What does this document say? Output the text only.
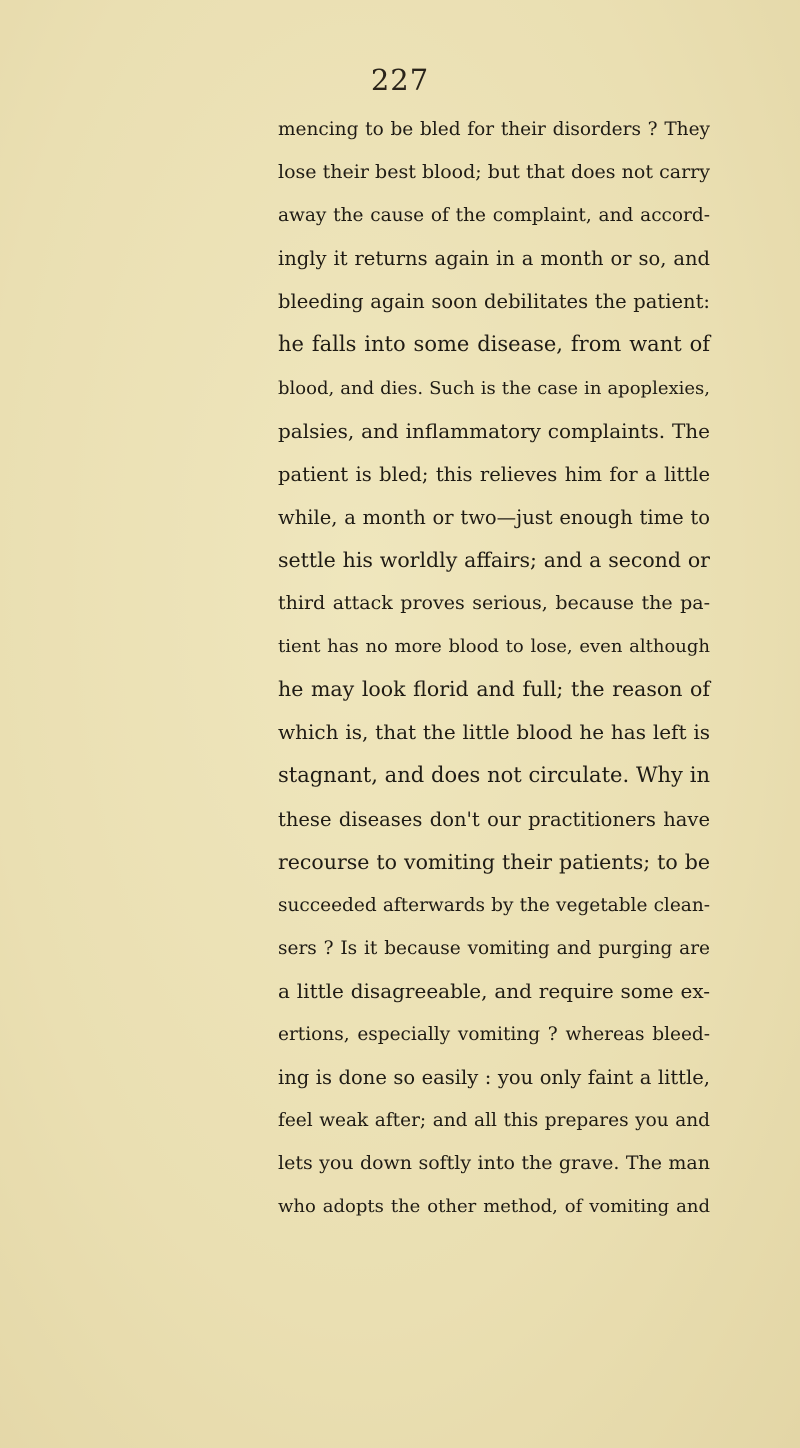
227
mencing to be bled for their disorders ? They
lose their best blood; but that does not carry
away the cause of the complaint, and accord-
ingly it returns again in a month or so, and
bleeding again soon debilitates the patient:
he falls into some disease, from want of
blood, and dies. Such is the case in apoplexies,
palsies, and inflammatory complaints. The
patient is bled; this relieves him for a little
while, a month or two—just enough time to
settle his worldly affairs; and a second or
third attack proves serious, because the pa-
tient has no more blood to lose, even although
he may look florid and full; the reason of
which is, that the little blood he has left is
stagnant, and does not circulate. Why in
these diseases don't our practitioners have
recourse to vomiting their patients; to be
succeeded afterwards by the vegetable clean-
sers ? Is it because vomiting and purging are
a little disagreeable, and require some ex-
ertions, especially vomiting ? whereas bleed-
ing is done so easily : you only faint a little,
feel weak after; and all this prepares you and
lets you down softly into the grave. The man
who adopts the other method, of vomiting and
